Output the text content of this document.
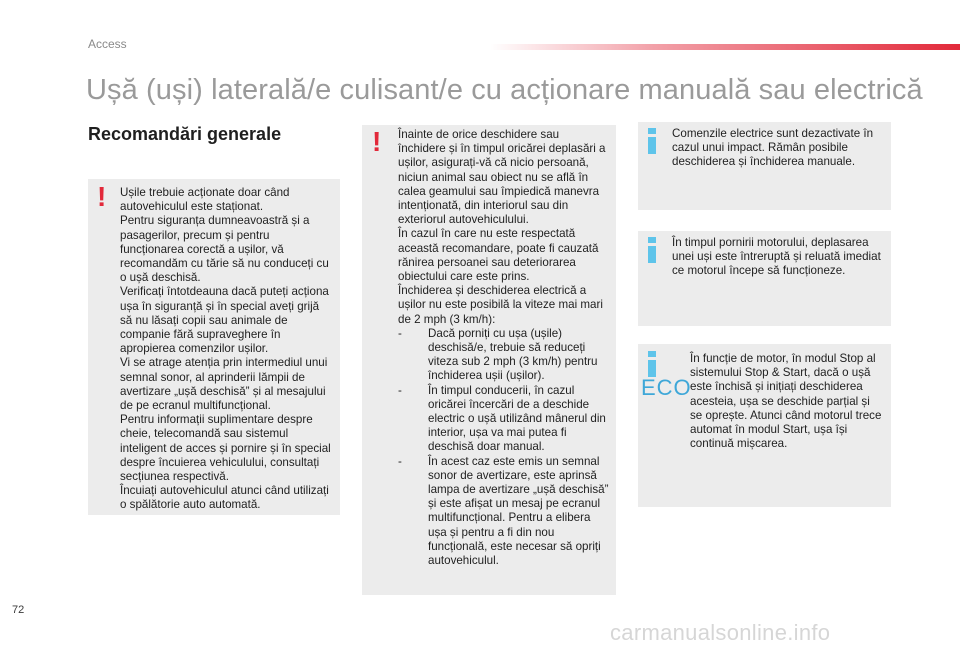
Access
Ușă (uși) laterală/e culisant/e cu acționare manuală sau electrică
Recomandări generale

Ușile trebuie acționate doar când autovehiculul este staționat.
Pentru siguranța dumneavoastră și a pasagerilor, precum și pentru funcționarea corectă a ușilor, vă recomandăm cu tărie să nu conduceți cu o ușă deschisă.
Verificați întotdeauna dacă puteți acționa ușa în siguranță și în special aveți grijă să nu lăsați copii sau animale de companie fără supraveghere în apropierea comenzilor ușilor.
Vi se atrage atenția prin intermediul unui semnal sonor, al aprinderii lămpii de avertizare „ușă deschisă” și al mesajului de pe ecranul multifuncțional.
Pentru informații suplimentare despre cheie, telecomandă sau sistemul inteligent de acces și pornire și în special despre încuierea vehiculului, consultați secțiunea respectivă.
Încuiați autovehiculul atunci când utilizați o spălătorie auto automată.

!

Înainte de orice deschidere sau închidere și în timpul oricărei deplasări a ușilor, asigurați-vă că nicio persoană, niciun animal sau obiect nu se află în calea geamului sau împiedică manevra intenționată, din interiorul sau din exteriorul autovehiculului.
În cazul în care nu este respectată această recomandare, poate fi cauzată rănirea persoanei sau deteriorarea obiectului care este prins.
Închiderea și deschiderea electrică a ușilor nu este posibilă la viteze mai mari de 2 mph (3 km/h):

- Dacă porniți cu ușa (ușile) deschisă/e, trebuie să reduceți viteza sub 2 mph (3 km/h) pentru închiderea ușii (ușilor).
- În timpul conducerii, în cazul oricărei încercări de a deschide electric o ușă utilizând mânerul din interior, ușa va mai putea fi deschisă doar manual.
- În acest caz este emis un semnal sonor de avertizare, este aprinsă lampa de avertizare „ușă deschisă” și este afișat un mesaj pe ecranul multifuncțional. Pentru a elibera ușa și pentru a fi din nou funcțională, este necesar să opriți autovehiculul.
!	Comenzile electrice sunt dezactivate în cazul unui impact. Rămân posibile deschiderea și închiderea manuale.

În timpul pornirii motorului, deplasarea unei uși este întreruptă și reluată imediat ce motorul începe să funcționeze.

În funcție de motor, în modul Stop al sistemului Stop & Start, dacă o ușă este închisă și inițiați deschiderea acesteia, ușa se deschide parțial și se oprește. Atunci când motorul trece automat în modul Start, ușa își continuă mișcarea.

ECO
72
carmanualsonline.info
